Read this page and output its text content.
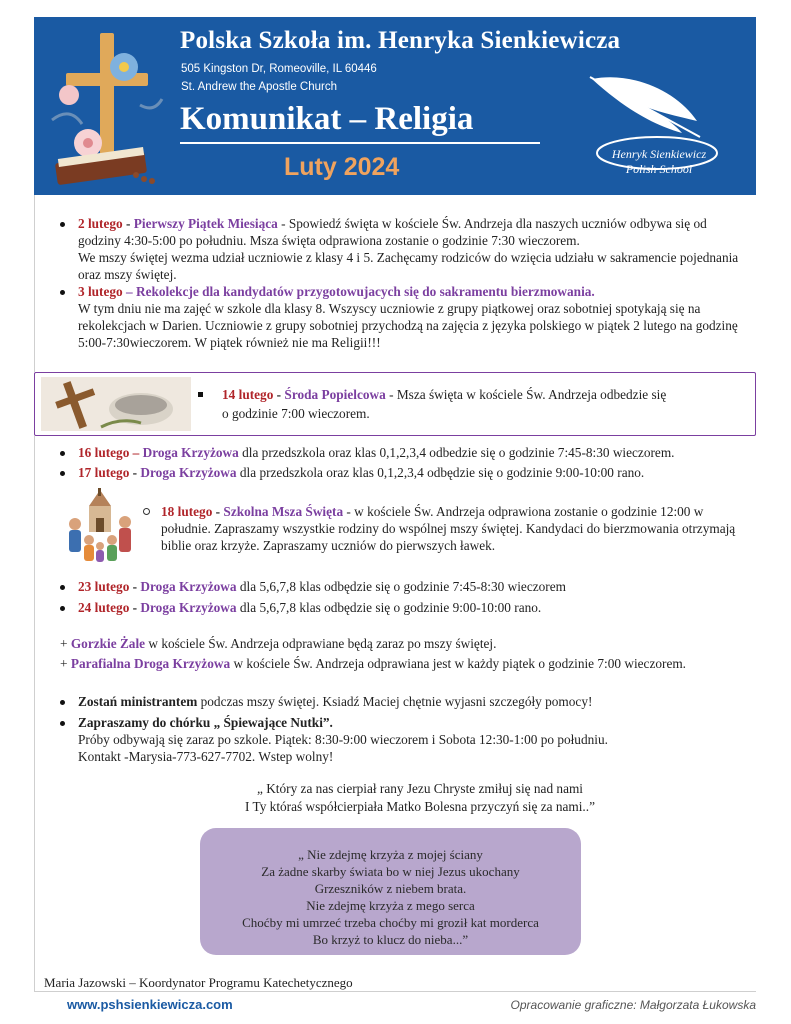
Polska Szkoła im. Henryka Sienkiewicza
505 Kingston Dr, Romeoville, IL 60446
St. Andrew the Apostle Church
Komunikat – Religia
Luty 2024	Henryk Sienkiewicz
Polish School
2 lutego - Pierwszy Piątek Miesiąca - Spowiedź święta w kościele Św. Andrzeja dla naszych uczniów odbywa się od godziny 4:30-5:00 po południu. Msza święta odprawiona zostanie o godzinie 7:30 wieczorem.
We mszy świętej wezma udział uczniowie z klasy 4 i 5. Zachęcamy rodziców do wzięcia udziału w sakramencie pojednania oraz mszy świętej.
3 lutego – Rekolekcje dla kandydatów przygotowujacych się do sakramentu bierzmowania.
W tym dniu nie ma zajęć w szkole dla klasy 8. Wszyscy uczniowie z grupy piątkowej oraz sobotniej spotykają się na rekolekcjach w Darien. Uczniowie z grupy sobotniej przychodzą na zajęcia z języka polskiego w piątek 2 lutego na godzinę 5:00-7:30wieczorem. W piątek również nie ma Religii!!!
14 lutego - Środa Popielcowa - Msza święta w kościele Św. Andrzeja odbedzie się
o godzinie 7:00 wieczorem.
16 lutego – Droga Krzyżowa dla przedszkola oraz klas 0,1,2,3,4 odbedzie się o godzinie 7:45-8:30 wieczorem.
17 lutego - Droga Krzyżowa dla przedszkola oraz klas 0,1,2,3,4 odbędzie się o godzinie 9:00-10:00 rano.
18 lutego - Szkolna Msza Święta - w kościele Św. Andrzeja odprawiona zostanie o godzinie 12:00 w południe. Zapraszamy wszystkie rodziny do wspólnej mszy świętej. Kandydaci do bierzmowania otrzymają biblie oraz krzyże. Zapraszamy uczniów do pierwszych ławek.
23 lutego - Droga Krzyżowa dla 5,6,7,8 klas odbędzie się o godzinie 7:45-8:30 wieczorem
24 lutego - Droga Krzyżowa dla 5,6,7,8 klas odbędzie się o godzinie 9:00-10:00 rano.
+ Gorzkie Żale w kościele Św. Andrzeja odprawiane będą zaraz po mszy świętej.
+ Parafialna Droga Krzyżowa w kościele Św. Andrzeja odprawiana jest w każdy piątek o godzinie 7:00 wieczorem.
Zostań ministrantem podczas mszy świętej. Ksiadź Maciej chętnie wyjasni szczegóły pomocy!
Zapraszamy do chórku „ Śpiewające Nutki”.
Próby odbywają się zaraz po szkole. Piątek: 8:30-9:00 wieczorem i Sobota 12:30-1:00 po południu.
Kontakt -Marysia-773-627-7702. Wstep wolny!
„ Który za nas cierpiał rany Jezu Chryste zmiłuj się nad nami
I Ty któraś współcierpiała Matko Bolesna przyczyń się za nami..”
„ Nie zdejmę krzyża z mojej ściany
Za żadne skarby świata bo w niej Jezus ukochany
Grzeszników z niebem brata.
Nie zdejmę krzyża z mego serca
Choćby mi umrzeć trzeba choćby mi groził kat morderca
Bo krzyż to klucz do nieba...”
Maria Jazowski – Koordynator Programu Katechetycznego
www.pshsienkiewicza.com	Opracowanie graficzne: Małgorzata Łukowska
